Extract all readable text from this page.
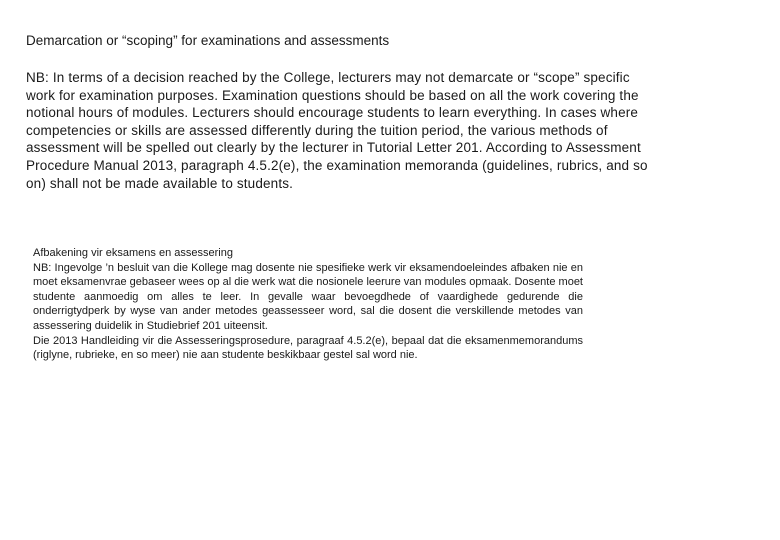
Demarcation or “scoping” for examinations and assessments

NB: In terms of a decision reached by the College, lecturers may not demarcate or “scope” specific work for examination purposes. Examination questions should be based on all the work covering the notional hours of modules. Lecturers should encourage students to learn everything. In cases where competencies or skills are assessed differently during the tuition period, the various methods of assessment will be spelled out clearly by the lecturer in Tutorial Letter 201. According to Assessment Procedure Manual 2013, paragraph 4.5.2(e), the examination memoranda (guidelines, rubrics, and so on) shall not be made available to students.

Afbakening vir eksamens en assessering

NB: Ingevolge ’n besluit van die Kollege mag dosente nie spesifieke werk vir eksamendoeleindes afbaken nie en moet eksamenvrae gebaseer wees op al die werk wat die nosionele leerure van modules opmaak. Dosente moet studente aanmoedig om alles te leer. In gevalle waar bevoegdhede of vaardighede gedurende die onderrigtydperk by wyse van ander metodes geassesseer word, sal die dosent die verskillende metodes van assessering duidelik in Studiebrief 201 uiteensit.

Die 2013 Handleiding vir die Assesseringsprosedure, paragraaf 4.5.2(e), bepaal dat die eksamenmemorandums (riglyne, rubrieke, en so meer) nie aan studente beskikbaar gestel sal word nie.
